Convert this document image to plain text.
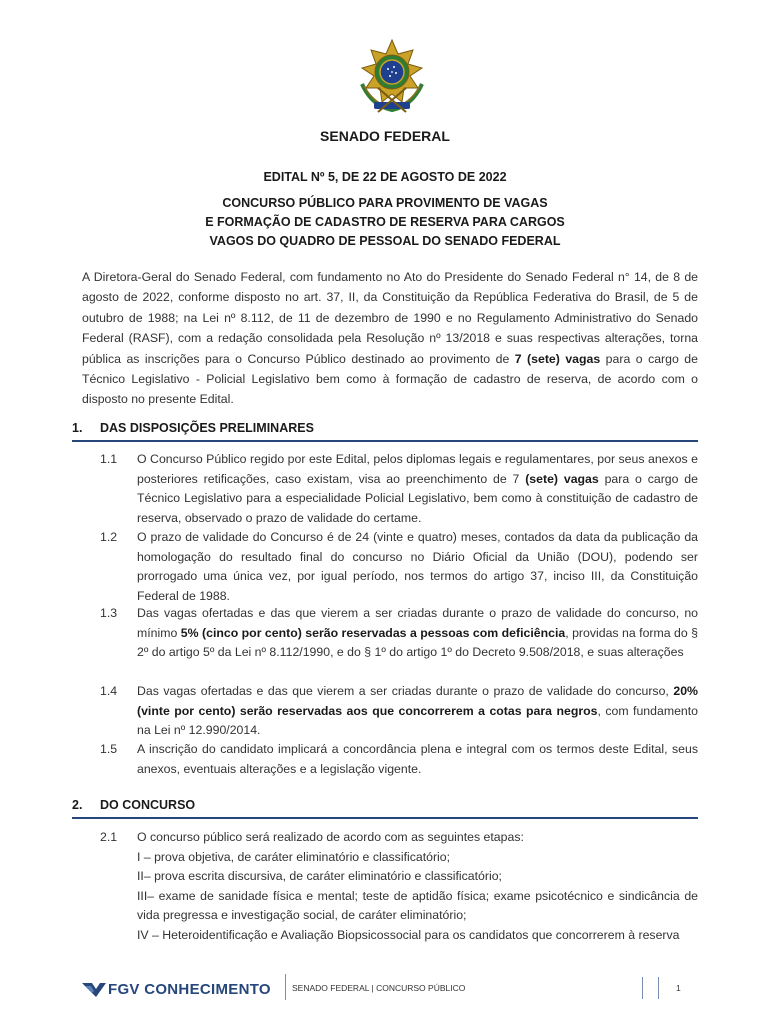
SENADO FEDERAL
EDITAL Nº 5, DE 22 DE AGOSTO DE 2022
CONCURSO PÚBLICO PARA PROVIMENTO DE VAGAS
E FORMAÇÃO DE CADASTRO DE RESERVA PARA CARGOS
VAGOS DO QUADRO DE PESSOAL DO SENADO FEDERAL
A Diretora-Geral do Senado Federal, com fundamento no Ato do Presidente do Senado Federal n° 14, de 8 de agosto de 2022, conforme disposto no art. 37, II, da Constituição da República Federativa do Brasil, de 5 de outubro de 1988; na Lei nº 8.112, de 11 de dezembro de 1990 e no Regulamento Administrativo do Senado Federal (RASF), com a redação consolidada pela Resolução nº 13/2018 e suas respectivas alterações, torna pública as inscrições para o Concurso Público destinado ao provimento de 7 (sete) vagas para o cargo de Técnico Legislativo - Policial Legislativo bem como à formação de cadastro de reserva, de acordo com o disposto no presente Edital.
1. DAS DISPOSIÇÕES PRELIMINARES
1.1	O Concurso Público regido por este Edital, pelos diplomas legais e regulamentares, por seus anexos e posteriores retificações, caso existam, visa ao preenchimento de 7 (sete) vagas para o cargo de Técnico Legislativo para a especialidade Policial Legislativo, bem como à constituição de cadastro de reserva, observado o prazo de validade do certame.
1.2	O prazo de validade do Concurso é de 24 (vinte e quatro) meses, contados da data da publicação da homologação do resultado final do concurso no Diário Oficial da União (DOU), podendo ser prorrogado uma única vez, por igual período, nos termos do artigo 37, inciso III, da Constituição Federal de 1988.
1.3	Das vagas ofertadas e das que vierem a ser criadas durante o prazo de validade do concurso, no mínimo 5% (cinco por cento) serão reservadas a pessoas com deficiência, providas na forma do § 2º do artigo 5º da Lei nº 8.112/1990, e do § 1º do artigo 1º do Decreto 9.508/2018, e suas alterações
1.4	Das vagas ofertadas e das que vierem a ser criadas durante o prazo de validade do concurso, 20% (vinte por cento) serão reservadas aos que concorrerem a cotas para negros, com fundamento na Lei nº 12.990/2014.
1.5	A inscrição do candidato implicará a concordância plena e integral com os termos deste Edital, seus anexos, eventuais alterações e a legislação vigente.
2. DO CONCURSO
2.1	O concurso público será realizado de acordo com as seguintes etapas:
I – prova objetiva, de caráter eliminatório e classificatório;
II– prova escrita discursiva, de caráter eliminatório e classificatório;
III– exame de sanidade física e mental; teste de aptidão física; exame psicotécnico e sindicância de vida pregressa e investigação social, de caráter eliminatório;
IV – Heteroidentificação e Avaliação Biopsicossocial para os candidatos que concorrerem à reserva
FGV CONHECIMENTO SENADO FEDERAL | CONCURSO PÚBLICO	1
